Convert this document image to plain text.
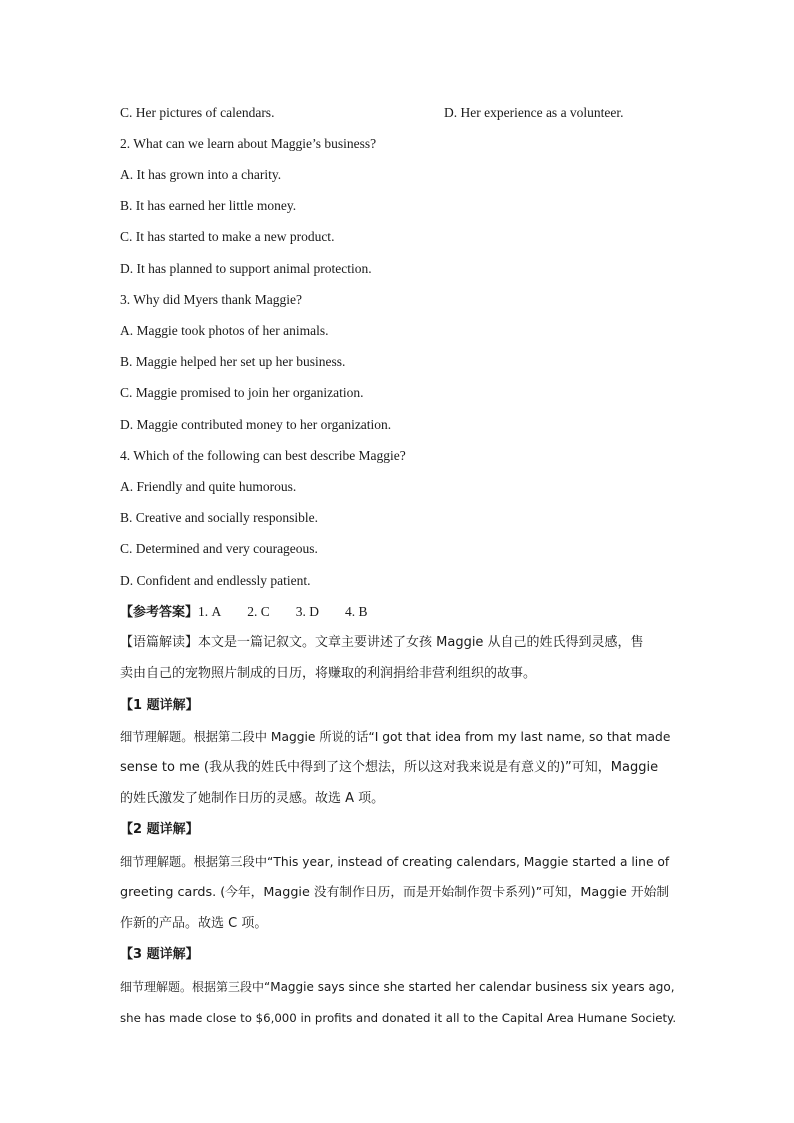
C. Her pictures of calendars.	D. Her experience as a volunteer.
2. What can we learn about Maggie’s business?
A. It has grown into a charity.
B. It has earned her little money.
C. It has started to make a new product.
D. It has planned to support animal protection.
3. Why did Myers thank Maggie?
A. Maggie took photos of her animals.
B. Maggie helped her set up her business.
C. Maggie promised to join her organization.
D. Maggie contributed money to her organization.
4. Which of the following can best describe Maggie?
A. Friendly and quite humorous.
B. Creative and socially responsible.
C. Determined and very courageous.
D. Confident and endlessly patient.
【参考答案】1. A 2. C 3. D 4. B
【语篇解读】本文是一篇记叙文。文章主要讲述了女孩 Maggie 从自己的姓氏得到灵感，售
卖由自己的宠物照片制成的日历，将赚取的利润捐给非营利组织的故事。
【1 题详解】
细节理解题。根据第二段中 Maggie 所说的话“I got that idea from my last name, so that made
sense to me (我从我的姓氏中得到了这个想法，所以这对我来说是有意义的)”可知，Maggie
的姓氏激发了她制作日历的灵感。故选 A 项。
【2 题详解】
细节理解题。根据第三段中“This year, instead of creating calendars, Maggie started a line of
greeting cards. (今年，Maggie 没有制作日历，而是开始制作贺卡系列)”可知，Maggie 开始制
作新的产品。故选 C 项。
【3 题详解】
细节理解题。根据第三段中“Maggie says since she started her calendar business six years ago,
she has made close to $6,000 in profits and donated it all to the Capital Area Humane Society.
